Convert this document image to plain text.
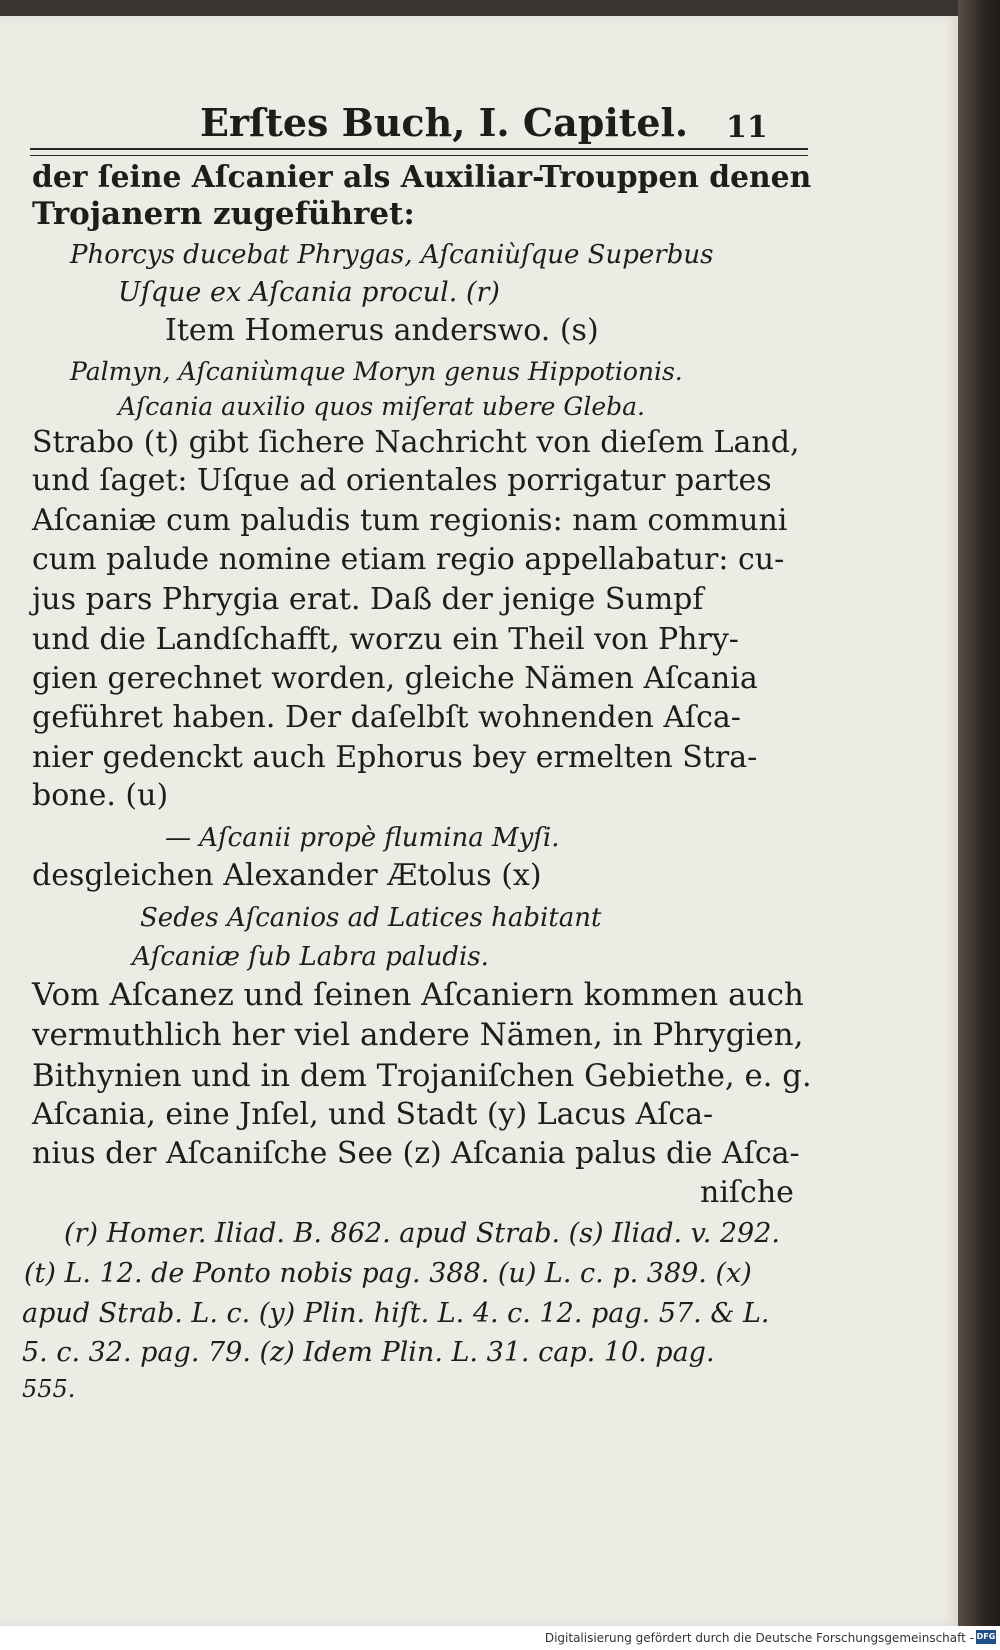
Erſtes Buch, I. Capitel. 11
der ſeine Aſcanier als Auxiliar-Trouppen denen
Trojanern zugeführet:
Phorcys ducebat Phrygas, Aſcaniùſque Superbus
Uſque ex Aſcania procul. (r)
Item Homerus anderswo. (s)
Palmyn, Aſcaniùmque Moryn genus Hippotionis.
Aſcania auxilio quos miſerat ubere Gleba.
Strabo (t) gibt ſichere Nachricht von dieſem Land,
und ſaget: Uſque ad orientales porrigatur partes
Aſcaniæ cum paludis tum regionis: nam communi
cum palude nomine etiam regio appellabatur: cu-
jus pars Phrygia erat. Daß der jenige Sumpf
und die Landſchafft, worzu ein Theil von Phry-
gien gerechnet worden, gleiche Nämen Aſcania
geführet haben. Der daſelbſt wohnenden Aſca-
nier gedenckt auch Ephorus bey ermelten Stra-
bone. (u)
— Aſcanii propè flumina Myſi.
desgleichen Alexander Ætolus (x)
Sedes Aſcanios ad Latices habitant
Aſcaniæ ſub Labra paludis.
Vom Aſcanez und ſeinen Aſcaniern kommen auch
vermuthlich her viel andere Nämen, in Phrygien,
Bithynien und in dem Trojaniſchen Gebiethe, e. g.
Aſcania, eine Jnſel, und Stadt (y) Lacus Aſca-
nius der Aſcaniſche See (z) Aſcania palus die Aſca-
niſche
(r) Homer. Iliad. B. 862. apud Strab. (s) Iliad. v. 292.
(t) L. 12. de Ponto nobis pag. 388. (u) L. c. p. 389. (x)
apud Strab. L. c. (y) Plin. hiſt. L. 4. c. 12. pag. 57. & L.
5. c. 32. pag. 79. (z) Idem Plin. L. 31. cap. 10. pag.
555.
Digitalisierung gefördert durch die Deutsche Forschungsgemeinschaft - DFG
